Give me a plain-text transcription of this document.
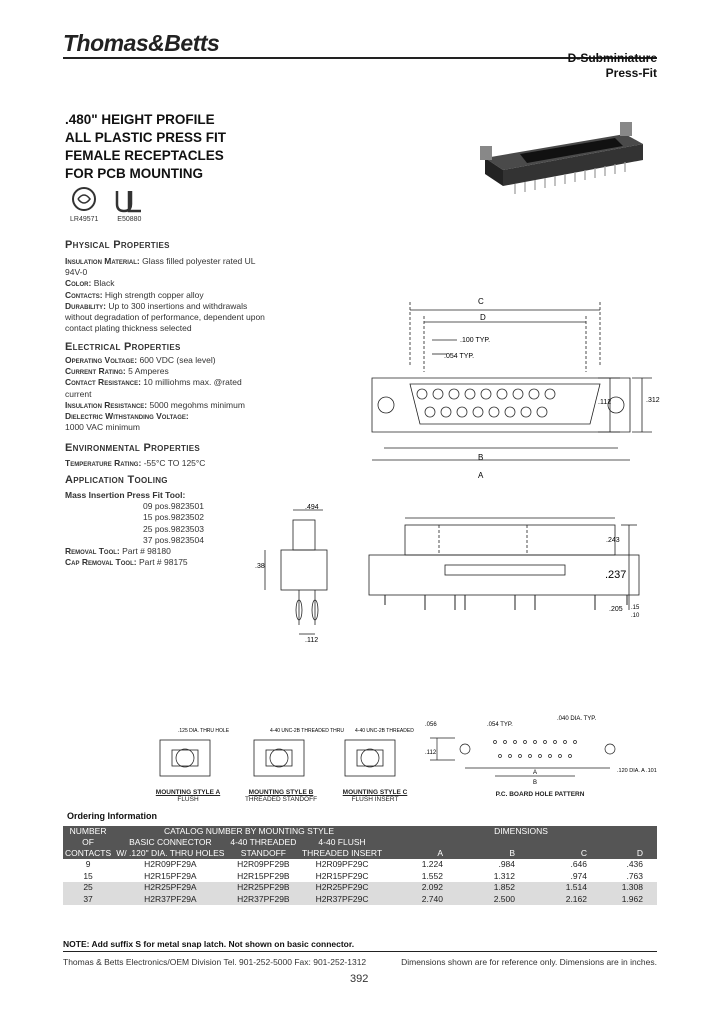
Thomas&Betts
D-Subminiature
Press-Fit
.480" HEIGHT PROFILE
ALL PLASTIC PRESS FIT
FEMALE RECEPTACLES
FOR PCB MOUNTING
LR49571
	E50880
Physical Properties
Insulation Material: Glass filled polyester rated UL 94V-0
Color: Black
Contacts: High strength copper alloy
Durability: Up to 300 insertions and withdrawals without degradation of performance, dependent upon contact plating thickness selected
Electrical Properties
Operating Voltage: 600 VDC (sea level)
Current Rating: 5 Amperes
Contact Resistance: 10 milliohms max. @rated current
Insulation Resistance: 5000 megohms minimum
Dielectric Withstanding Voltage:
1000 VAC minimum
Environmental Properties
Temperature Rating: -55°C TO 125°C
Application Tooling
Mass Insertion Press Fit Tool:
09 pos.9823501
15 pos.9823502
25 pos.9823503
37 pos.9823504
Removal Tool: Part # 98180
Cap Removal Tool: Part # 98175
C
D
.100 TYP.
.054 TYP.
.112	.312
B
A
.494
.38
.112
.243
.237
.205 .15
.10
.125 DIA. THRU HOLE
MOUNTING STYLE A
FLUSH
4-40 UNC-2B THREADED THRU
MOUNTING STYLE B
THREADED STANDOFF
4-40 UNC-2B THREADED
MOUNTING STYLE C
FLUSH INSERT
.056	.054 TYP.
.040 DIA. TYP.
.112
.120 DIA. A .101
A
B
P.C. BOARD HOLE PATTERN
Ordering Information
NUMBER	CATALOG NUMBER BY MOUNTING STYLE			DIMENSIONS			
OF	BASIC CONNECTOR	4-40 THREADED	4-40 FLUSH				
CONTACTS	W/ .120" DIA. THRU HOLES	STANDOFF	THREADED INSERT	A	B	C	D
9	H2R09PF29A	H2R09PF29B	H2R09PF29C	1.224	.984	.646	.436
15	H2R15PF29A	H2R15PF29B	H2R15PF29C	1.552	1.312	.974	.763
25	H2R25PF29A	H2R25PF29B	H2R25PF29C	2.092	1.852	1.514	1.308
37	H2R37PF29A	H2R37PF29B	H2R37PF29C	2.740	2.500	2.162	1.962
NOTE: Add suffix S for metal snap latch. Not shown on basic connector.
Thomas & Betts Electronics/OEM Division Tel. 901-252-5000 Fax: 901-252-1312	Dimensions shown are for reference only. Dimensions are in inches.
392
